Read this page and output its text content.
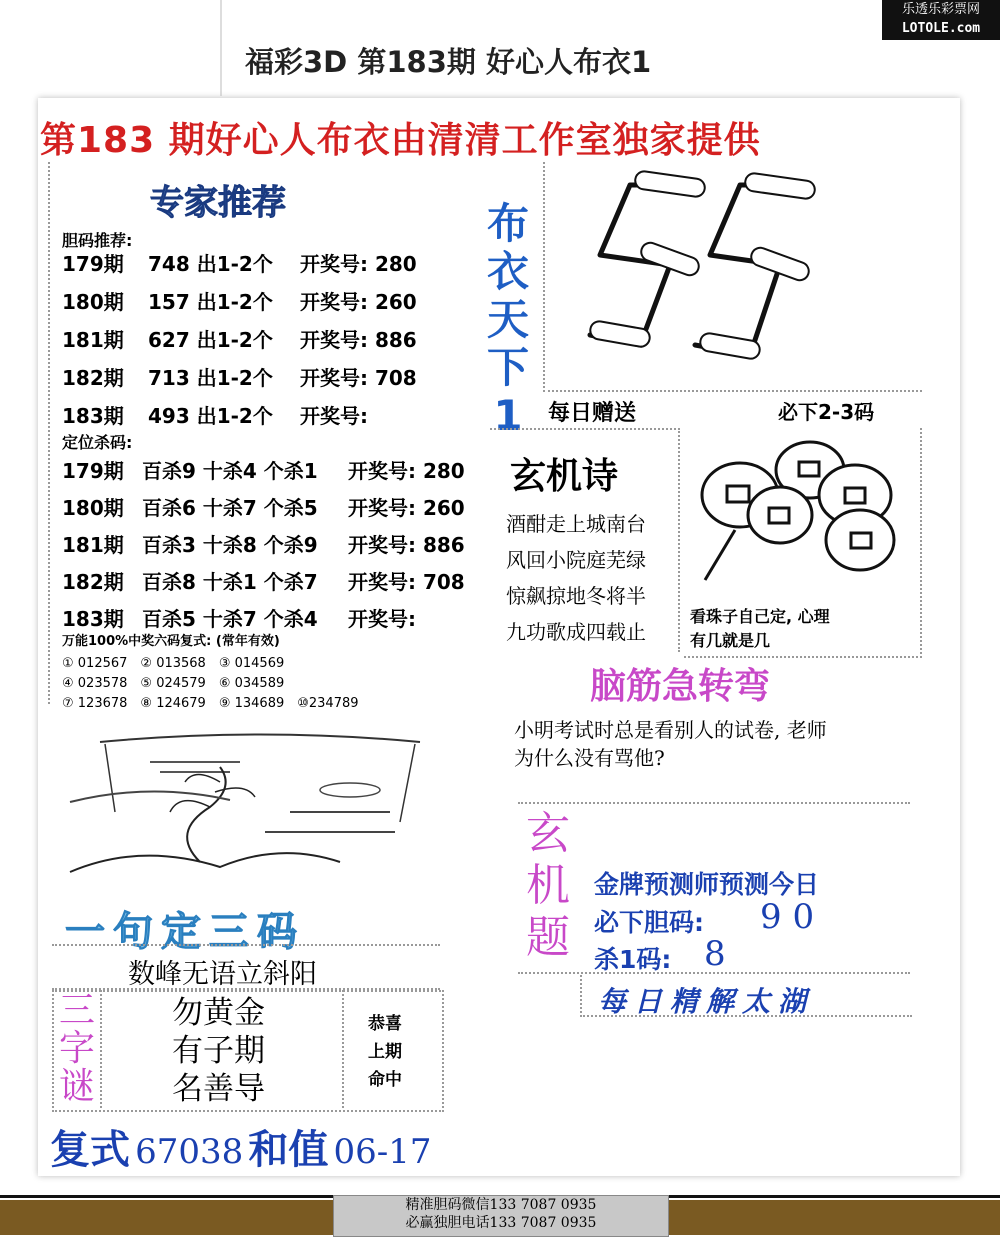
乐透乐彩票网
LOTOLE.com
福彩3D 第183期 好心人布衣1
第183 期好心人布衣由清清工作室独家提供
专家推荐
胆码推荐:
179期 748 出1-2个 开奖号: 280
180期 157 出1-2个 开奖号: 260
181期 627 出1-2个 开奖号: 886
182期 713 出1-2个 开奖号: 708
183期 493 出1-2个 开奖号:
定位杀码:
179期 百杀9 十杀4 个杀1 开奖号: 280
180期 百杀6 十杀7 个杀5 开奖号: 260
181期 百杀3 十杀8 个杀9 开奖号: 886
182期 百杀8 十杀1 个杀7 开奖号: 708
183期 百杀5 十杀7 个杀4 开奖号:
万能100%中奖六码复式: (常年有效)
① 012567　② 013568　③ 014569
④ 023578　⑤ 024579　⑥ 034589
⑦ 123678　⑧ 124679　⑨ 134689　⑩234789
布
衣
天
下
1	每日赠送	必下2-3码
玄机诗
酒酣走上城南台
风回小院庭芜绿
惊飙掠地冬将半
九功歌成四载止
看珠子自己定, 心理
有几就是几
脑筋急转弯
小明考试时总是看别人的试卷, 老师
为什么没有骂他?
玄
机
题
金牌预测师预测今日
必下胆码: 9 0
杀1码: 8
每日精解太湖
一句定三码
数峰无语立斜阳
三
字
谜
勿黄金
有子期
名善导
恭喜
上期
命中
复式 67038 和值 06-17
精准胆码微信133 7087 0935
必赢独胆电话133 7087 0935
